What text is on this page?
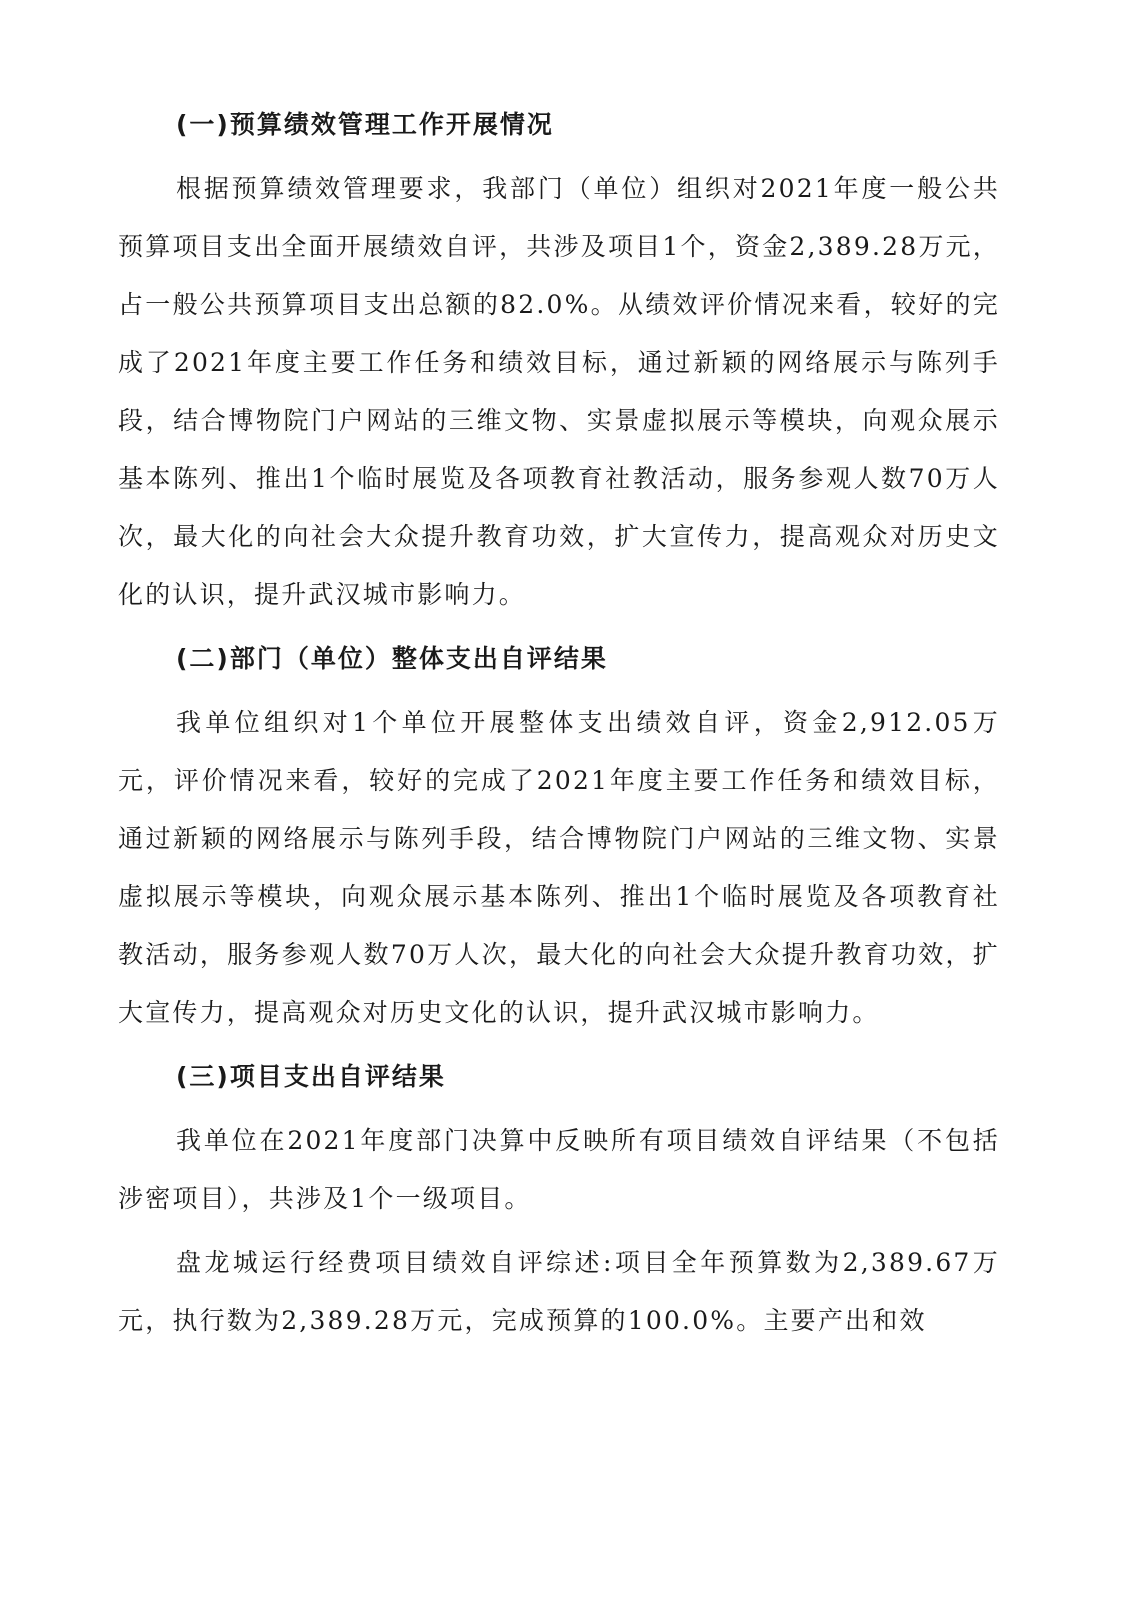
(一)预算绩效管理工作开展情况

根据预算绩效管理要求，我部门（单位）组织对2021年度一般公共预算项目支出全面开展绩效自评，共涉及项目1个，资金2,389.28万元，占一般公共预算项目支出总额的82.0%。从绩效评价情况来看，较好的完成了2021年度主要工作任务和绩效目标，通过新颖的网络展示与陈列手段，结合博物院门户网站的三维文物、实景虚拟展示等模块，向观众展示基本陈列、推出1个临时展览及各项教育社教活动，服务参观人数70万人次，最大化的向社会大众提升教育功效，扩大宣传力，提高观众对历史文化的认识，提升武汉城市影响力。

(二)部门（单位）整体支出自评结果

我单位组织对1个单位开展整体支出绩效自评，资金2,912.05万元，评价情况来看，较好的完成了2021年度主要工作任务和绩效目标，通过新颖的网络展示与陈列手段，结合博物院门户网站的三维文物、实景虚拟展示等模块，向观众展示基本陈列、推出1个临时展览及各项教育社教活动，服务参观人数70万人次，最大化的向社会大众提升教育功效，扩大宣传力，提高观众对历史文化的认识，提升武汉城市影响力。

(三)项目支出自评结果

我单位在2021年度部门决算中反映所有项目绩效自评结果（不包括涉密项目），共涉及1个一级项目。

盘龙城运行经费项目绩效自评综述:项目全年预算数为2,389.67万元，执行数为2,389.28万元，完成预算的100.0%。主要产出和效
